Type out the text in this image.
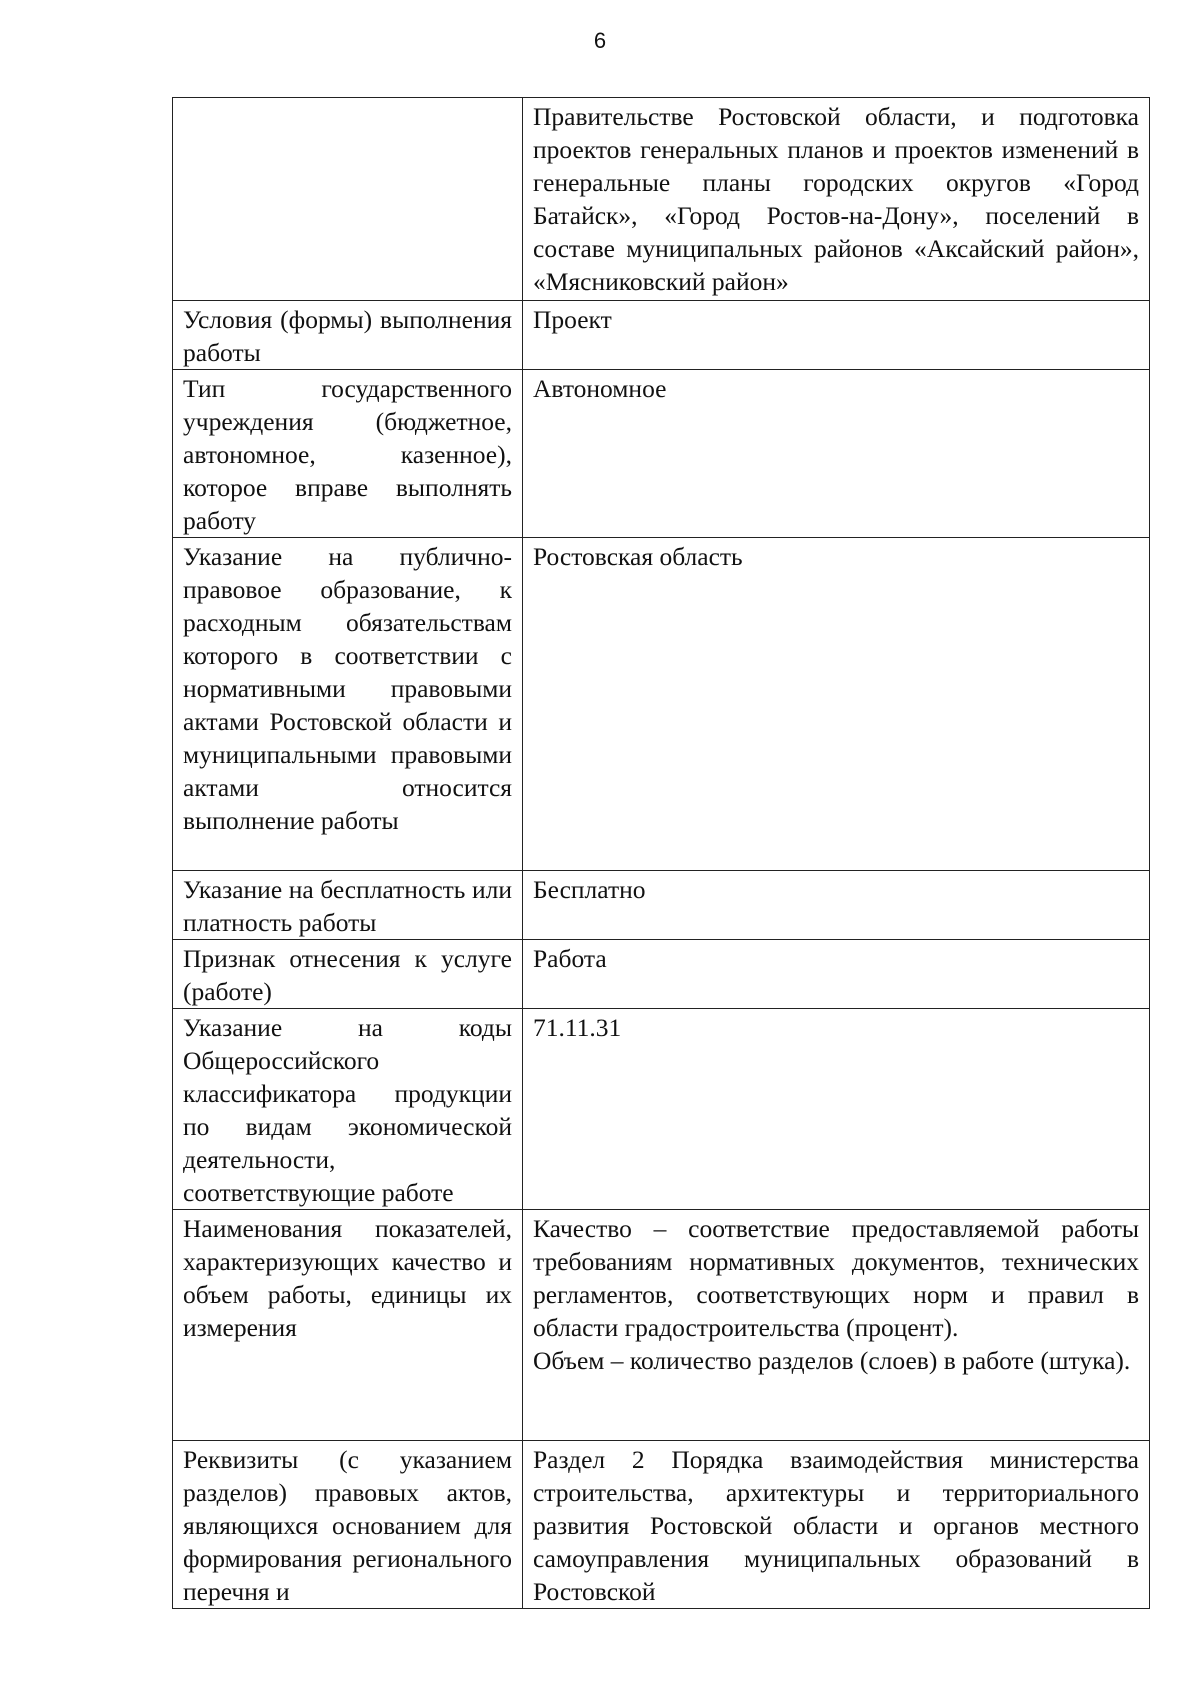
6
	Правительстве Ростовской области, и подготовка проектов генеральных планов и проектов изменений в генеральные планы городских округов «Город Батайск», «Город Ростов-на-Дону», поселений в составе муниципальных районов «Аксайский район», «Мясниковский район»
Условия (формы) выполнения работы	Проект
Тип государственного учреждения (бюджетное, автономное, казенное), которое вправе выполнять работу	Автономное
Указание на публично-правовое образование, к расходным обязательствам которого в соответствии с нормативными правовыми актами Ростовской области и муниципальными правовыми актами относится выполнение работы	Ростовская область
Указание на бесплатность или платность работы	Бесплатно
Признак отнесения к услуге (работе)	Работа
Указание на коды Общероссийского классификатора продукции по видам экономической деятельности, соответствующие работе	71.11.31
Наименования показателей, характеризующих качество и объем работы, единицы их измерения	Качество – соответствие предоставляемой работы требованиям нормативных документов, технических регламентов, соответствующих норм и правил в области градостроительства (процент).
Объем – количество разделов (слоев) в работе (штука).

Реквизиты (с указанием разделов) правовых актов, являющихся основанием для формирования регионального перечня и	Раздел 2 Порядка взаимодействия министерства строительства, архитектуры и территориального развития Ростовской области и органов местного самоуправления муниципальных образований в Ростовской
